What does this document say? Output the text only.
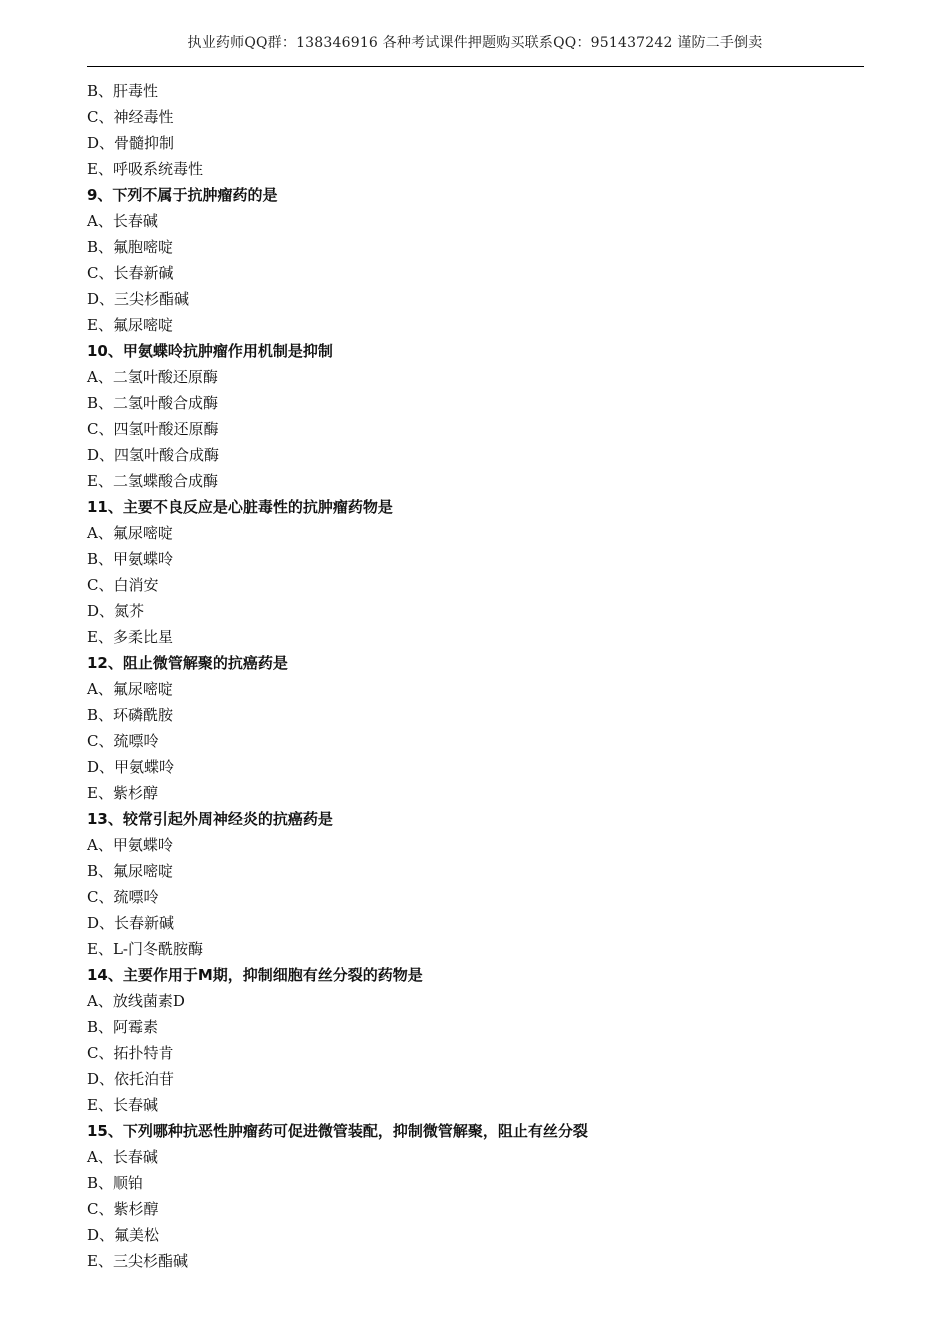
执业药师QQ群：138346916 各种考试课件押题购买联系QQ：951437242 谨防二手倒卖
B、肝毒性
C、神经毒性
D、骨髓抑制
E、呼吸系统毒性
9、下列不属于抗肿瘤药的是
A、长春碱
B、氟胞嘧啶
C、长春新碱
D、三尖杉酯碱
E、氟尿嘧啶
10、甲氨蝶呤抗肿瘤作用机制是抑制
A、二氢叶酸还原酶
B、二氢叶酸合成酶
C、四氢叶酸还原酶
D、四氢叶酸合成酶
E、二氢蝶酸合成酶
11、主要不良反应是心脏毒性的抗肿瘤药物是
A、氟尿嘧啶
B、甲氨蝶呤
C、白消安
D、氮芥
E、多柔比星
12、阻止微管解聚的抗癌药是
A、氟尿嘧啶
B、环磷酰胺
C、巯嘌呤
D、甲氨蝶呤
E、紫杉醇
13、较常引起外周神经炎的抗癌药是
A、甲氨蝶呤
B、氟尿嘧啶
C、巯嘌呤
D、长春新碱
E、L-门冬酰胺酶
14、主要作用于M期，抑制细胞有丝分裂的药物是
A、放线菌素D
B、阿霉素
C、拓扑特肯
D、依托泊苷
E、长春碱
15、下列哪种抗恶性肿瘤药可促进微管装配，抑制微管解聚，阻止有丝分裂
A、长春碱
B、顺铂
C、紫杉醇
D、氟美松
E、三尖杉酯碱
